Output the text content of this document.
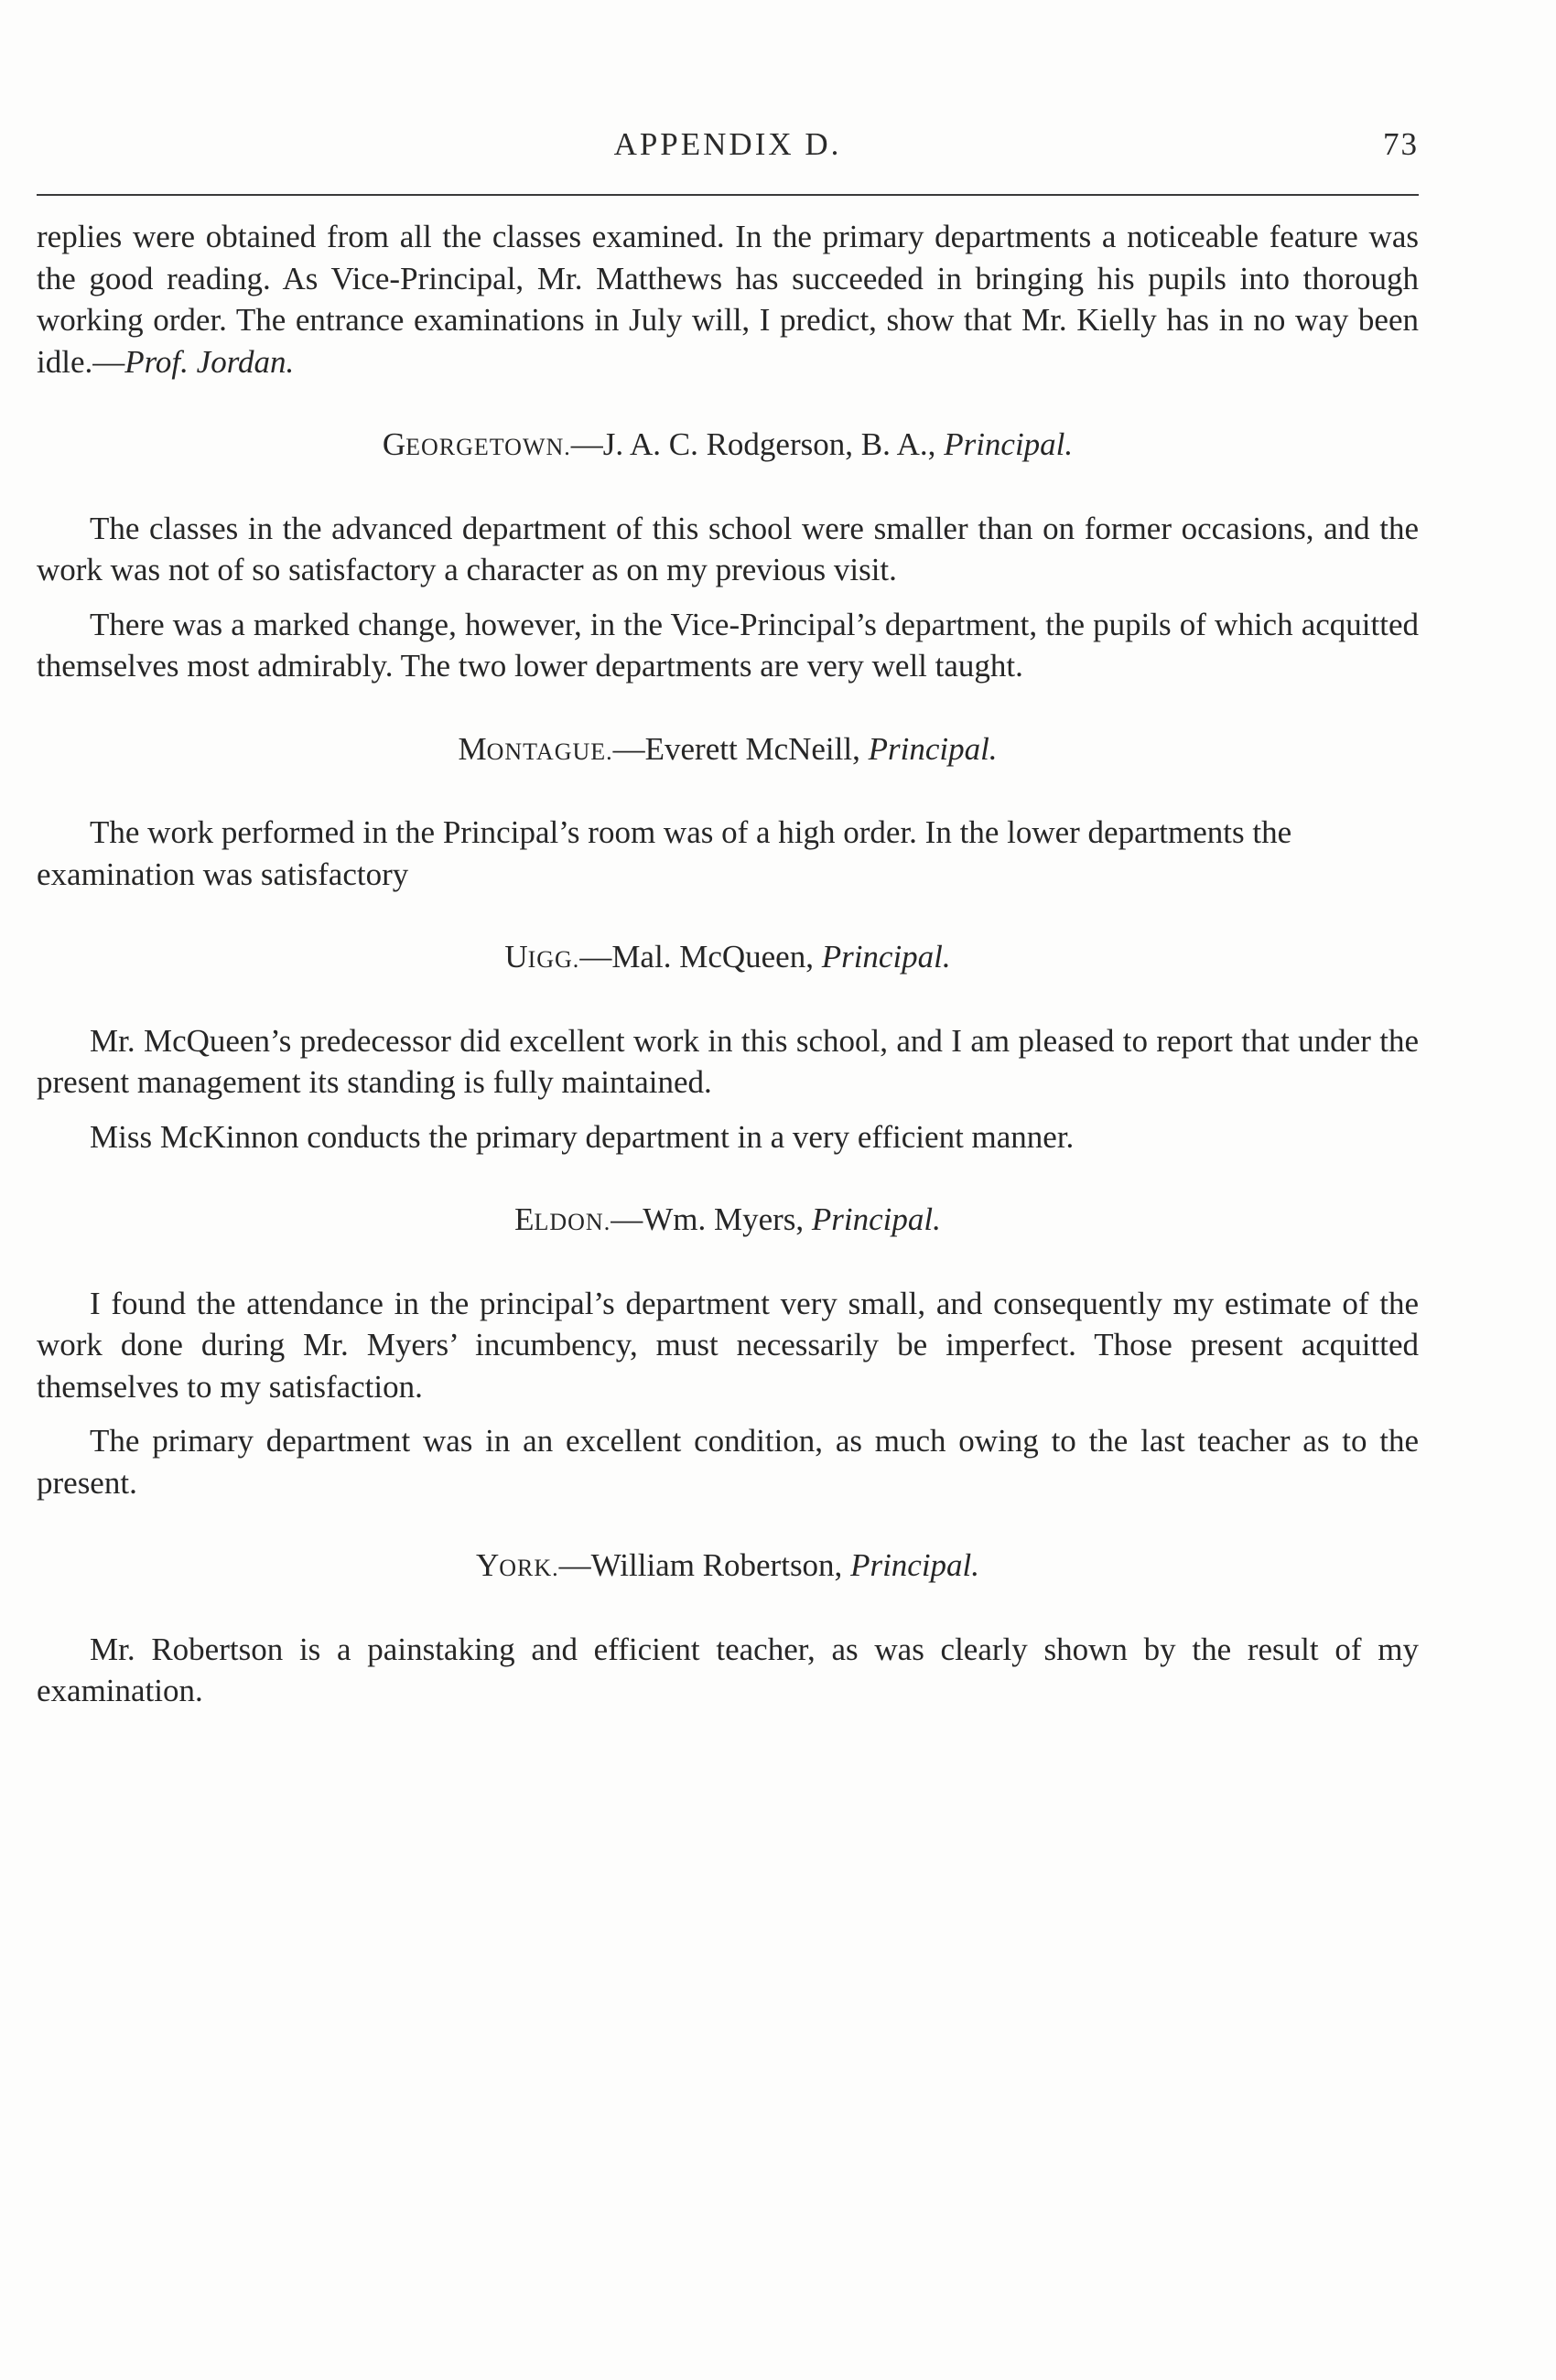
APPENDIX D.	73

replies were obtained from all the classes examined. In the primary departments a noticeable feature was the good reading. As Vice-Principal, Mr. Matthews has succeeded in bringing his pupils into thorough working order. The entrance examinations in July will, I predict, show that Mr. Kielly has in no way been idle.—Prof. Jordan.

GEORGETOWN.—J. A. C. Rodgerson, B. A., Principal.

The classes in the advanced department of this school were smaller than on former occasions, and the work was not of so satisfactory a character as on my previous visit.

There was a marked change, however, in the Vice-Principal’s department, the pupils of which acquitted themselves most admirably. The two lower departments are very well taught.

MONTAGUE.—Everett McNeill, Principal.

The work performed in the Principal’s room was of a high order. In the lower departments the examination was satisfactory

UIGG.—Mal. McQueen, Principal.

Mr. McQueen’s predecessor did excellent work in this school, and I am pleased to report that under the present management its standing is fully maintained.

Miss McKinnon conducts the primary department in a very efficient manner.

ELDON.—Wm. Myers, Principal.

I found the attendance in the principal’s department very small, and consequently my estimate of the work done during Mr. Myers’ incumbency, must necessarily be imperfect. Those present acquitted themselves to my satisfaction.

The primary department was in an excellent condition, as much owing to the last teacher as to the present.

YORK.—William Robertson, Principal.

Mr. Robertson is a painstaking and efficient teacher, as was clearly shown by the result of my examination.
